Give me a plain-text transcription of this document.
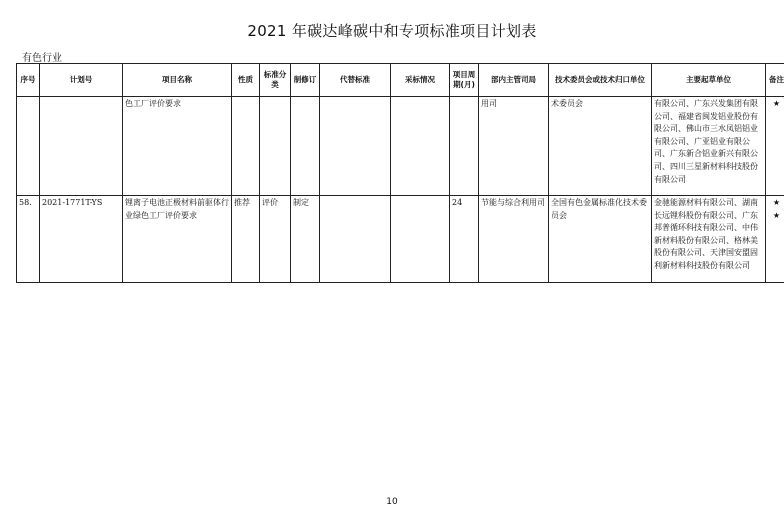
2021 年碳达峰碳中和专项标准项目计划表
有色行业
序号	计划号	项目名称	性质	标准分类	制修订	代替标准	采标情况	项目周期(月)	部内主管司局	技术委员会或技术归口单位	主要起草单位	备注
		色工厂评价要求							用司	术委员会	有限公司、广东兴发集团有限公司、福建省闽发铝业股份有限公司、佛山市三水凤铝铝业有限公司、广亚铝业有限公司、广东新合铝业新兴有限公司、四川三星新材料科技股份有限公司	★
58.	2021-1771T-YS	锂离子电池正极材料前驱体行业绿色工厂评价要求	推荐	评价	制定			24	节能与综合利用司	全国有色金属标准化技术委员会	金驰能源材料有限公司、湖南长远锂科股份有限公司、广东邦普循环科技有限公司、中伟新材料股份有限公司、格林美股份有限公司、天津国安盟固利新材料科技股份有限公司	★
★
10
